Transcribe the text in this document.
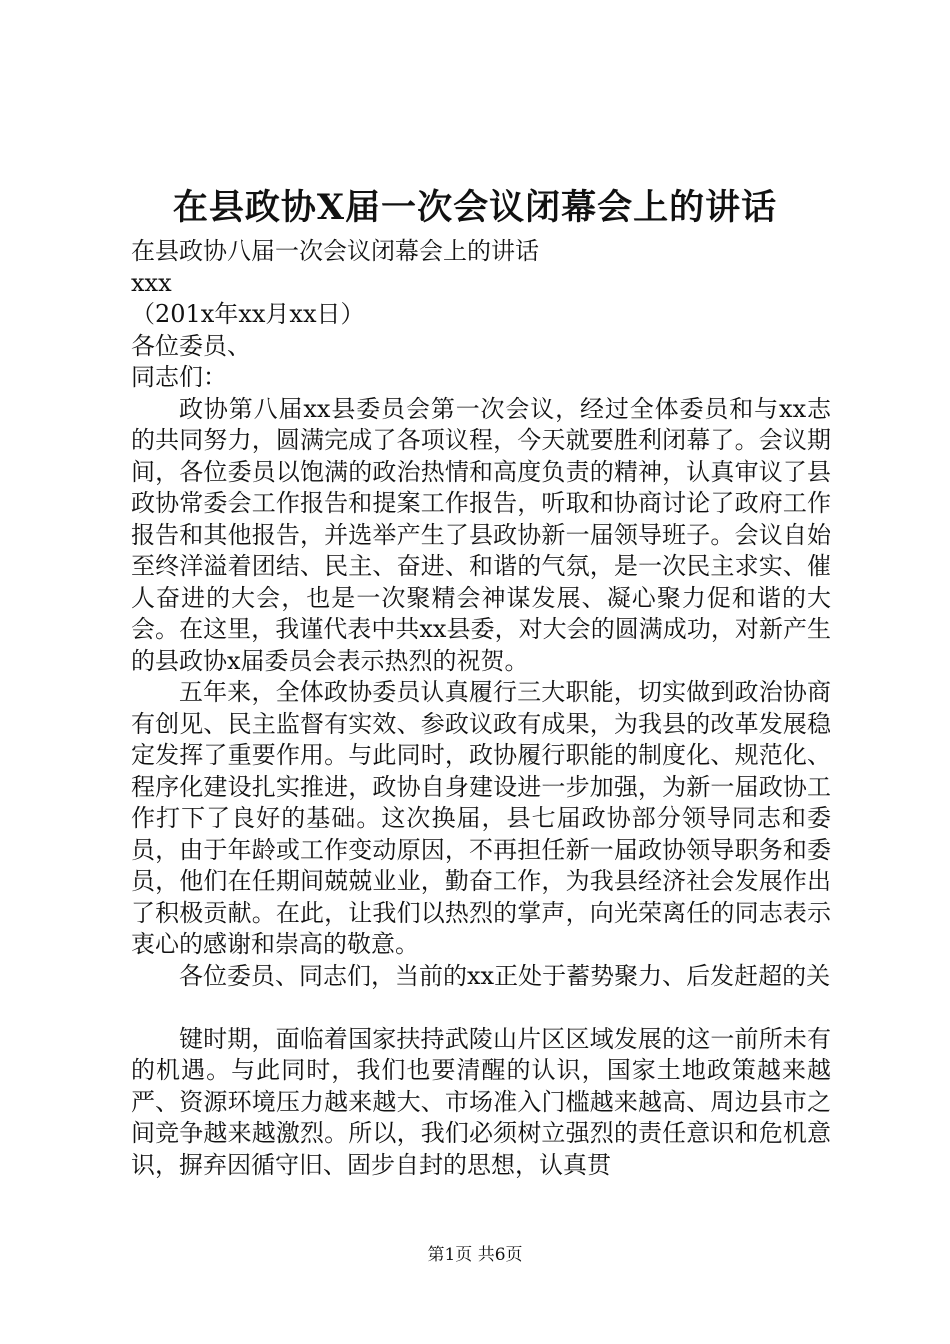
在县政协X届一次会议闭幕会上的讲话

在县政协八届一次会议闭幕会上的讲话

xxx

（201x年xx月xx日）

各位委员、

同志们：

政协第八届xx县委员会第一次会议，经过全体委员和与xx志的共同努力，圆满完成了各项议程，今天就要胜利闭幕了。会议期间，各位委员以饱满的政治热情和高度负责的精神，认真审议了县政协常委会工作报告和提案工作报告，听取和协商讨论了政府工作报告和其他报告，并选举产生了县政协新一届领导班子。会议自始至终洋溢着团结、民主、奋进、和谐的气氛，是一次民主求实、催人奋进的大会，也是一次聚精会神谋发展、凝心聚力促和谐的大会。在这里，我谨代表中共xx县委，对大会的圆满成功，对新产生的县政协x届委员会表示热烈的祝贺。

五年来，全体政协委员认真履行三大职能，切实做到政治协商有创见、民主监督有实效、参政议政有成果，为我县的改革发展稳定发挥了重要作用。与此同时，政协履行职能的制度化、规范化、程序化建设扎实推进，政协自身建设进一步加强，为新一届政协工作打下了良好的基础。这次换届，县七届政协部分领导同志和委员，由于年龄或工作变动原因，不再担任新一届政协领导职务和委员，他们在任期间兢兢业业，勤奋工作，为我县经济社会发展作出了积极贡献。在此，让我们以热烈的掌声，向光荣离任的同志表示衷心的感谢和崇高的敬意。

各位委员、同志们，当前的xx正处于蓄势聚力、后发赶超的关

键时期，面临着国家扶持武陵山片区区域发展的这一前所未有的机遇。与此同时，我们也要清醒的认识，国家土地政策越来越严、资源环境压力越来越大、市场准入门槛越来越高、周边县市之间竞争越来越激烈。所以，我们必须树立强烈的责任意识和危机意识，摒弃因循守旧、固步自封的思想，认真贯

第1页 共6页
